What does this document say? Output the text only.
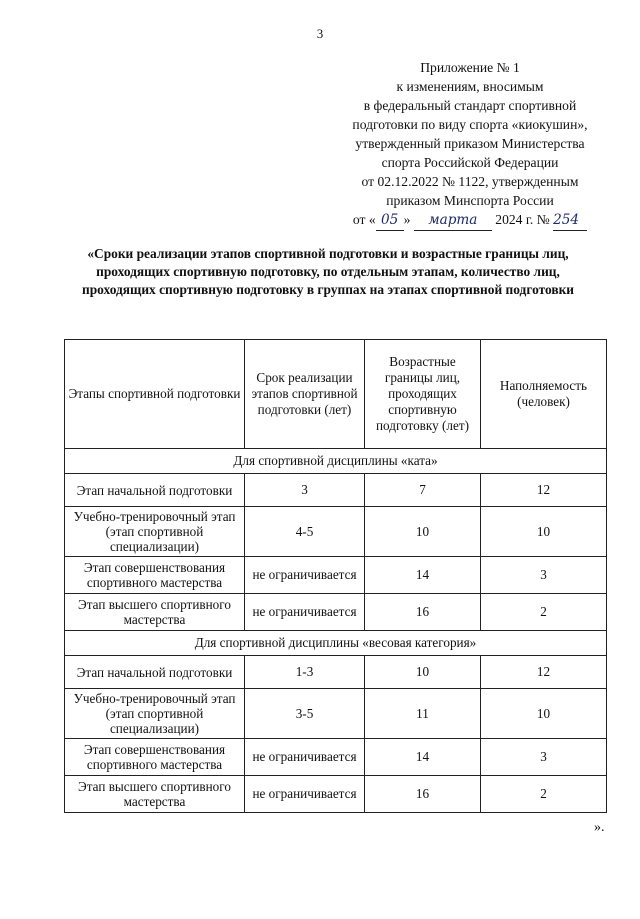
3
Приложение № 1
к изменениям, вносимым
в федеральный стандарт спортивной
подготовки по виду спорта «киокушин»,
утвержденный приказом Министерства
спорта Российской Федерации
от 02.12.2022 № 1122, утвержденным
приказом Минспорта России
от « 05 » марта 2024 г. № 254
«Сроки реализации этапов спортивной подготовки и возрастные границы лиц, проходящих спортивную подготовку, по отдельным этапам, количество лиц, проходящих спортивную подготовку в группах на этапах спортивной подготовки
Этапы спортивной подготовки	Срок реализации этапов спортивной подготовки (лет)	Возрастные границы лиц, проходящих спортивную подготовку (лет)	Наполняемость (человек)
Для спортивной дисциплины «ката»			
Этап начальной подготовки	3	7	12
Учебно-тренировочный этап (этап спортивной специализации)	4-5	10	10
Этап совершенствования спортивного мастерства	не ограничивается	14	3
Этап высшего спортивного мастерства	не ограничивается	16	2
Для спортивной дисциплины «весовая категория»			
Этап начальной подготовки	1-3	10	12
Учебно-тренировочный этап (этап спортивной специализации)	3-5	11	10
Этап совершенствования спортивного мастерства	не ограничивается	14	3
Этап высшего спортивного мастерства	не ограничивается	16	2
».
